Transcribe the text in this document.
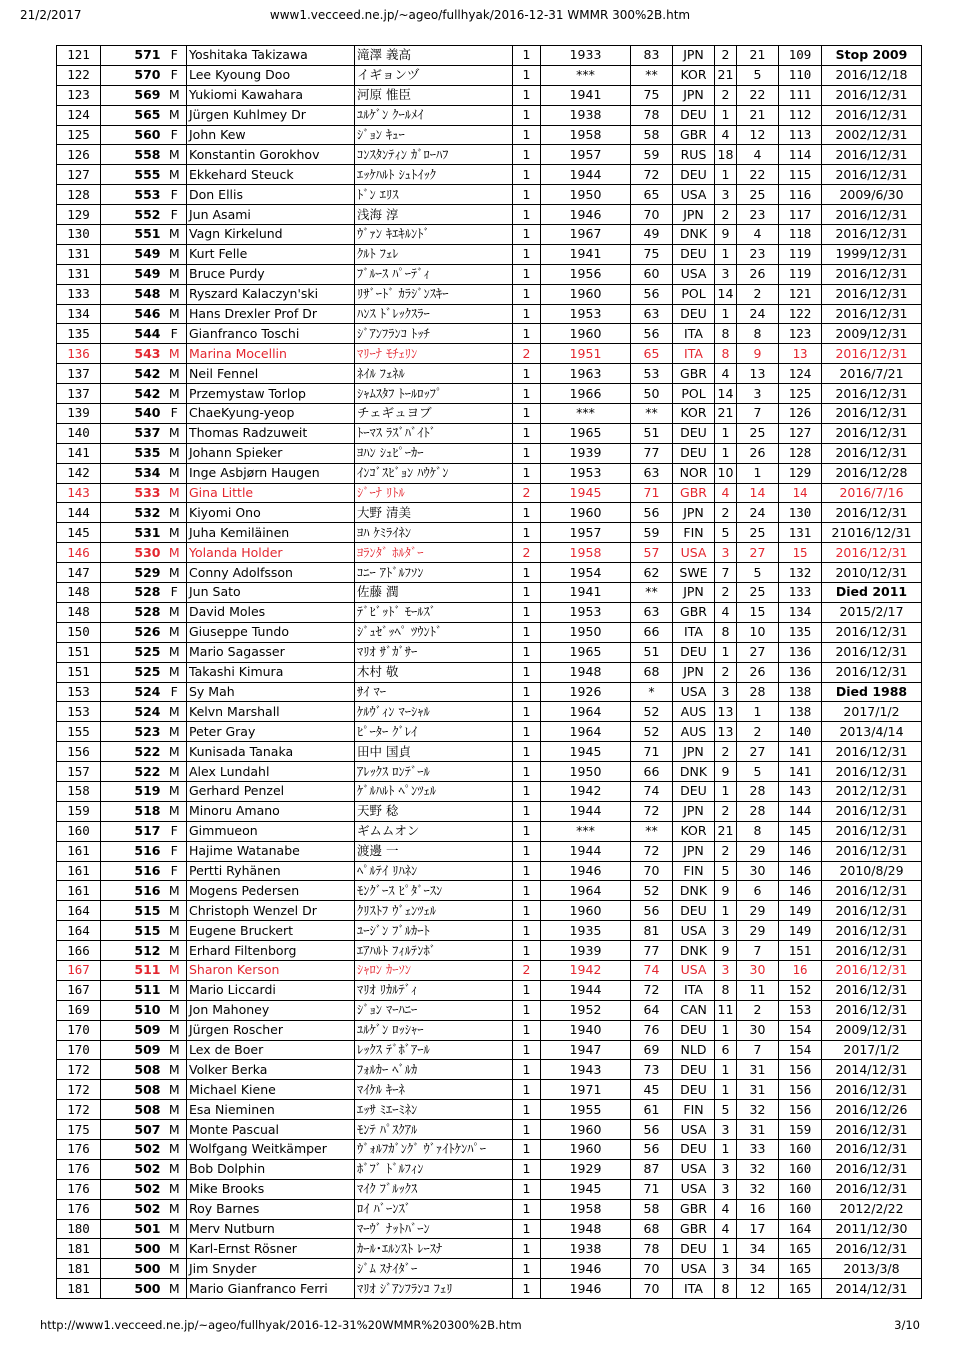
21/2/2017	www1.vecceed.ne.jp/~ageo/fullhyak/2016-12-31 WMMR 300%2B.htm
121	571	F	Yoshitaka Takizawa	滝澤 義高	1	1933	83	JPN	2	21	109	Stop 2009
122	570	F	Lee Kyoung Doo	イギョンヅ	1	***	**	KOR	21	5	110	2016/12/18
123	569	M	Yukiomi Kawahara	河原 惟臣	1	1941	75	JPN	2	22	111	2016/12/31
124	565	M	Jürgen Kuhlmey Dr	ﾕﾙｹﾞﾝ ｸｰﾙﾒｲ	1	1938	78	DEU	1	21	112	2016/12/31
125	560	F	John Kew	ｼﾞｮﾝ ｷｭｰ	1	1958	58	GBR	4	12	113	2002/12/31
126	558	M	Konstantin Gorokhov	ｺﾝｽﾀﾝﾃｨﾝ ｶﾞﾛｰﾊﾌ	1	1957	59	RUS	18	4	114	2016/12/31
127	555	M	Ekkehard Steuck	ｴｯｹﾊﾙﾄ ｼｭﾄｲｯｸ	1	1944	72	DEU	1	22	115	2016/12/31
128	553	F	Don Ellis	ﾄﾞﾝ ｴﾘｽ	1	1950	65	USA	3	25	116	2009/6/30
129	552	F	Jun Asami	浅海 淳	1	1946	70	JPN	2	23	117	2016/12/31
130	551	M	Vagn Kirkelund	ｳﾞｧﾝ ｷｴｷﾙﾝﾄﾞ	1	1967	49	DNK	9	4	118	2016/12/31
131	549	M	Kurt Felle	ｸﾙﾄ ﾌｪﾚ	1	1941	75	DEU	1	23	119	1999/12/31
131	549	M	Bruce Purdy	ﾌﾞﾙｰｽ ﾊﾟｰﾃﾞｨ	1	1956	60	USA	3	26	119	2016/12/31
133	548	M	Ryszard Kalaczyn'ski	ﾘｻﾞｰﾄﾞ ｶﾗｼﾞﾝｽｷｰ	1	1960	56	POL	14	2	121	2016/12/31
134	546	M	Hans Drexler Prof Dr	ﾊﾝｽ ﾄﾞﾚｯｸｽﾗｰ	1	1953	63	DEU	1	24	122	2016/12/31
135	544	F	Gianfranco Toschi	ｼﾞｱﾝﾌﾗﾝｺ ﾄｯﾁ	1	1960	56	ITA	8	8	123	2009/12/31
136	543	M	Marina Mocellin	ﾏﾘｰﾅ ﾓﾁｪﾘﾝ	2	1951	65	ITA	8	9	13	2016/12/31
137	542	M	Neil Fennel	ﾈｲﾙ ﾌｪﾈﾙ	1	1963	53	GBR	4	13	124	2016/7/21
137	542	M	Przemystaw Torlop	ｼｬﾑｽﾀﾌ ﾄｰﾙﾛｯﾌﾟ	1	1966	50	POL	14	3	125	2016/12/31
139	540	F	ChaeKyung-yeop	チェギュヨブ	1	***	**	KOR	21	7	126	2016/12/31
140	537	M	Thomas Radzuweit	ﾄｰﾏｽ ﾗｽﾞﾊﾞｲﾄﾞ	1	1965	51	DEU	1	25	127	2016/12/31
141	535	M	Johann Spieker	ﾖﾊﾝ ｼｭﾋﾟｰｶｰ	1	1939	77	DEU	1	26	128	2016/12/31
142	534	M	Inge Asbjørn Haugen	ｲﾝｺﾞｽﾋﾞｮﾝ ﾊｳｹﾞﾝ	1	1953	63	NOR	10	1	129	2016/12/28
143	533	M	Gina Little	ｼﾞｰﾅ ﾘﾄﾙ	2	1945	71	GBR	4	14	14	2016/7/16
144	532	M	Kiyomi Ono	大野 清美	1	1960	56	JPN	2	24	130	2016/12/31
145	531	M	Juha Kemiläinen	ﾖﾊ ｹﾐﾗｲﾈﾝ	1	1957	59	FIN	5	25	131	21016/12/31
146	530	M	Yolanda Holder	ﾖﾗﾝﾀﾞ ﾎﾙﾀﾞｰ	2	1958	57	USA	3	27	15	2016/12/31
147	529	M	Conny Adolfsson	ｺﾆｰ ｱﾄﾞﾙﾌｿﾝ	1	1954	62	SWE	7	5	132	2010/12/31
148	528	F	Jun Sato	佐藤 潤	1	1941	**	JPN	2	25	133	Died 2011
148	528	M	David Moles	ﾃﾞﾋﾞｯﾄﾞ ﾓｰﾙｽﾞ	1	1953	63	GBR	4	15	134	2015/2/17
150	526	M	Giuseppe Tundo	ｼﾞｭｾﾞｯﾍﾟ ﾂｳﾝﾄﾞ	1	1950	66	ITA	8	10	135	2016/12/31
151	525	M	Mario Sagasser	ﾏﾘｵ ｻﾞｶﾞｻｰ	1	1965	51	DEU	1	27	136	2016/12/31
151	525	M	Takashi Kimura	木村 敬	1	1948	68	JPN	2	26	136	2016/12/31
153	524	F	Sy Mah	ｻｲ ﾏｰ	1	1926	*	USA	3	28	138	Died 1988
153	524	M	Kelvn Marshall	ｹﾙｳﾞｨﾝ ﾏｰｼｬﾙ	1	1964	52	AUS	13	1	138	2017/1/2
155	523	M	Peter Gray	ﾋﾟｰﾀｰ ｸﾞﾚｲ	1	1964	52	AUS	13	2	140	2013/4/14
156	522	M	Kunisada Tanaka	田中 国貞	1	1945	71	JPN	2	27	141	2016/12/31
157	522	M	Alex Lundahl	ｱﾚｯｸｽ ﾛﾝﾃﾞｰﾙ	1	1950	66	DNK	9	5	141	2016/12/31
158	519	M	Gerhard Penzel	ｹﾞﾙﾊﾙﾄ ﾍﾟﾝﾂｪﾙ	1	1942	74	DEU	1	28	143	2012/12/31
159	518	M	Minoru Amano	天野 稔	1	1944	72	JPN	2	28	144	2016/12/31
160	517	F	Gimmueon	ギムムオン	1	***	**	KOR	21	8	145	2016/12/31
161	516	F	Hajime Watanabe	渡邊 一	1	1944	72	JPN	2	29	146	2016/12/31
161	516	F	Pertti Ryhänen	ﾍﾟﾙﾃｲ ﾘﾊﾈﾝ	1	1946	70	FIN	5	30	146	2010/8/29
161	516	M	Mogens Pedersen	ﾓﾝｸﾞｰｽ ﾋﾟﾀﾞｰｽﾝ	1	1964	52	DNK	9	6	146	2016/12/31
164	515	M	Christoph Wenzel Dr	ｸﾘｽﾄﾌ ｳﾞｪﾝﾂｪﾙ	1	1960	56	DEU	1	29	149	2016/12/31
164	515	M	Eugene Bruckert	ﾕｰｼﾞﾝ ﾌﾞﾙｶｰﾄ	1	1935	81	USA	3	29	149	2016/12/31
166	512	M	Erhard Filtenborg	ｴｱﾊﾙﾄ ﾌｨﾙﾃﾝﾎﾞ	1	1939	77	DNK	9	7	151	2016/12/31
167	511	M	Sharon Kerson	ｼｬﾛﾝ ｶｰｿﾝ	2	1942	74	USA	3	30	16	2016/12/31
167	511	M	Mario Liccardi	ﾏﾘｵ ﾘｶﾙﾃﾞｨ	1	1944	72	ITA	8	11	152	2016/12/31
169	510	M	Jon Mahoney	ｼﾞｮﾝ ﾏｰﾊﾆｰ	1	1952	64	CAN	11	2	153	2016/12/31
170	509	M	Jürgen Roscher	ﾕﾙｹﾞﾝ ﾛｯｼｬｰ	1	1940	76	DEU	1	30	154	2009/12/31
170	509	M	Lex de Boer	ﾚｯｸｽ ﾃﾞﾎﾞｱｰﾙ	1	1947	69	NLD	6	7	154	2017/1/2
172	508	M	Volker Berka	ﾌｫﾙｶｰ ﾍﾞﾙｶ	1	1943	73	DEU	1	31	156	2014/12/31
172	508	M	Michael Kiene	ﾏｲｹﾙ ｷｰﾈ	1	1971	45	DEU	1	31	156	2016/12/31
172	508	M	Esa Nieminen	ｴｯｻ ﾐｴｰﾐﾈﾝ	1	1955	61	FIN	5	32	156	2016/12/26
175	507	M	Monte Pascual	ﾓﾝﾃ ﾊﾟｽｸｱﾙ	1	1960	56	USA	3	31	159	2016/12/31
176	502	M	Wolfgang Weitkämper	ｳﾞｫﾙﾌｶﾞﾝｸﾞ ｳﾞｧｲﾄｹﾝﾊﾟｰ	1	1960	56	DEU	1	33	160	2016/12/31
176	502	M	Bob Dolphin	ﾎﾞﾌﾞ ﾄﾞﾙﾌｨﾝ	1	1929	87	USA	3	32	160	2016/12/31
176	502	M	Mike Brooks	ﾏｲｸ ﾌﾞﾙｯｸｽ	1	1945	71	USA	3	32	160	2016/12/31
176	502	M	Roy Barnes	ﾛｲ ﾊﾞｰﾝｽﾞ	1	1958	58	GBR	4	16	160	2012/2/22
180	501	M	Merv Nutburn	ﾏｰｳﾞ ﾅｯﾄﾊﾞｰﾝ	1	1948	68	GBR	4	17	164	2011/12/30
181	500	M	Karl-Ernst Rösner	ｶｰﾙ･ｴﾙﾝｽﾄ ﾚｰｽﾅ	1	1938	78	DEU	1	34	165	2016/12/31
181	500	M	Jim Snyder	ｼﾞﾑ ｽﾅｲﾀﾞｰ	1	1946	70	USA	3	34	165	2013/3/8
181	500	M	Mario Gianfranco Ferri	ﾏﾘｵ ｼﾞｱﾝﾌﾗﾝｺ ﾌｪﾘ	1	1946	70	ITA	8	12	165	2014/12/31
http://www1.vecceed.ne.jp/~ageo/fullhyak/2016-12-31%20WMMR%20300%2B.htm	3/10
